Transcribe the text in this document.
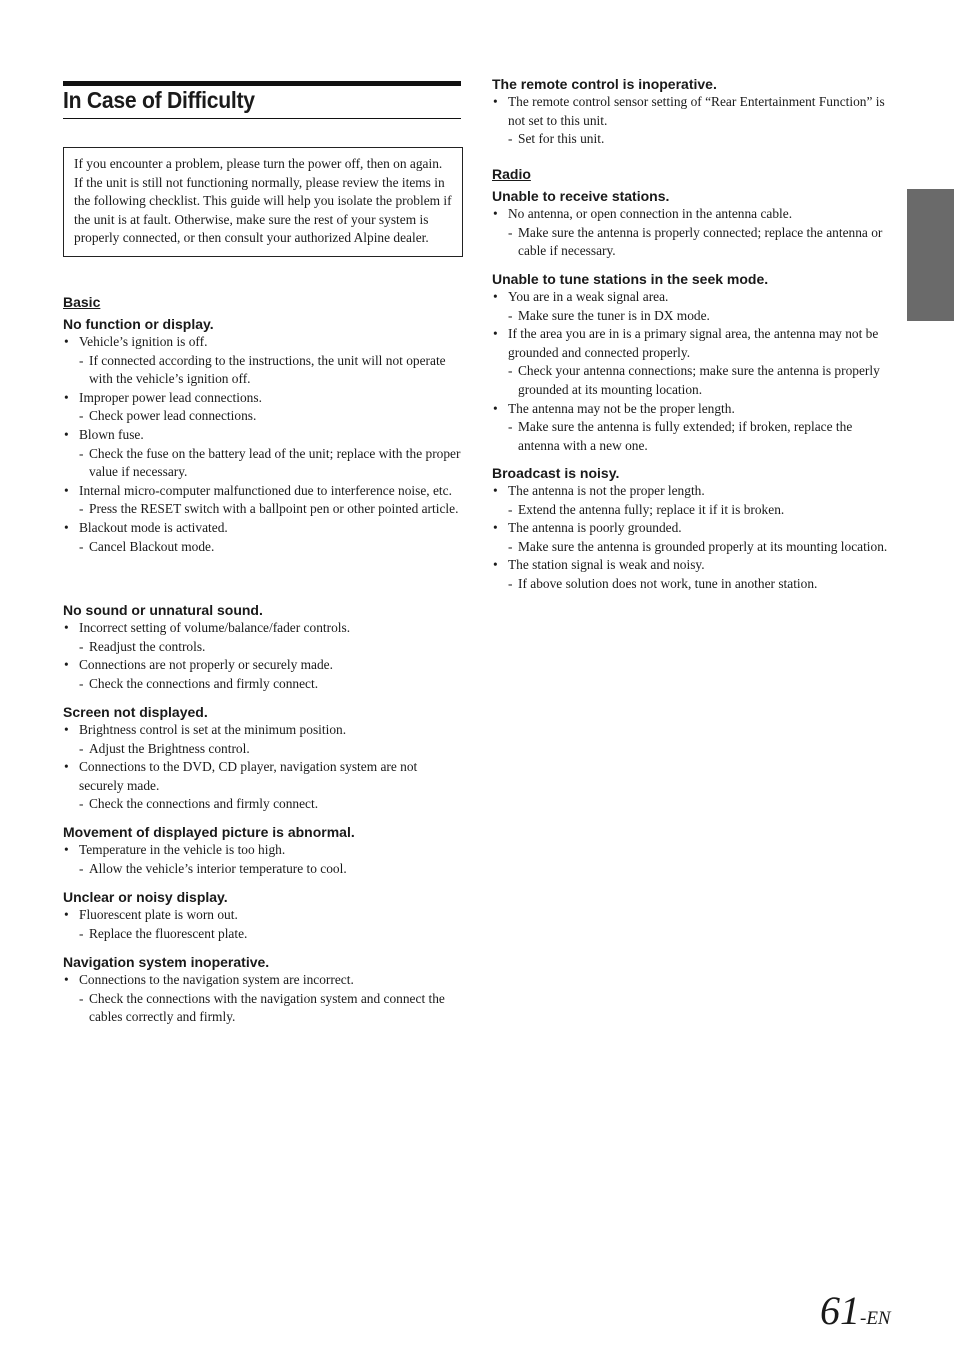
In Case of Difficulty
If you encounter a problem, please turn the power off, then on again. If the unit is still not functioning normally, please review the items in the following checklist. This guide will help you isolate the problem if the unit is at fault. Otherwise, make sure the rest of your system is properly connected, or then consult your authorized Alpine dealer.

Basic

No function or display.

• Vehicle’s ignition is off.
- If connected according to the instructions, the unit will not operate with the vehicle’s ignition off.
• Improper power lead connections.
- Check power lead connections.
• Blown fuse.
- Check the fuse on the battery lead of the unit; replace with the proper value if necessary.
• Internal micro-computer malfunctioned due to interference noise, etc.
- Press the RESET switch with a ballpoint pen or other pointed article.
• Blackout mode is activated.
- Cancel Blackout mode.

No sound or unnatural sound.

• Incorrect setting of volume/balance/fader controls.
- Readjust the controls.
• Connections are not properly or securely made.
- Check the connections and firmly connect.

Screen not displayed.

• Brightness control is set at the minimum position.
- Adjust the Brightness control.
• Connections to the DVD, CD player, navigation system are not securely made.
- Check the connections and firmly connect.

Movement of displayed picture is abnormal.

• Temperature in the vehicle is too high.
- Allow the vehicle’s interior temperature to cool.

Unclear or noisy display.

• Fluorescent plate is worn out.
- Replace the fluorescent plate.

Navigation system inoperative.

• Connections to the navigation system are incorrect.
- Check the connections with the navigation system and connect the cables correctly and firmly.

The remote control is inoperative.

• The remote control sensor setting of “Rear Entertainment Function” is not set to this unit.
- Set for this unit.

Radio

Unable to receive stations.

• No antenna, or open connection in the antenna cable.
- Make sure the antenna is properly connected; replace the antenna or cable if necessary.

Unable to tune stations in the seek mode.

• You are in a weak signal area.
- Make sure the tuner is in DX mode.
• If the area you are in is a primary signal area, the antenna may not be grounded and connected properly.
- Check your antenna connections; make sure the antenna is properly grounded at its mounting location.
• The antenna may not be the proper length.
- Make sure the antenna is fully extended; if broken, replace the antenna with a new one.

Broadcast is noisy.

• The antenna is not the proper length.
- Extend the antenna fully; replace it if it is broken.
• The antenna is poorly grounded.
- Make sure the antenna is grounded properly at its mounting location.
• The station signal is weak and noisy.
- If above solution does not work, tune in another station.
61-EN
